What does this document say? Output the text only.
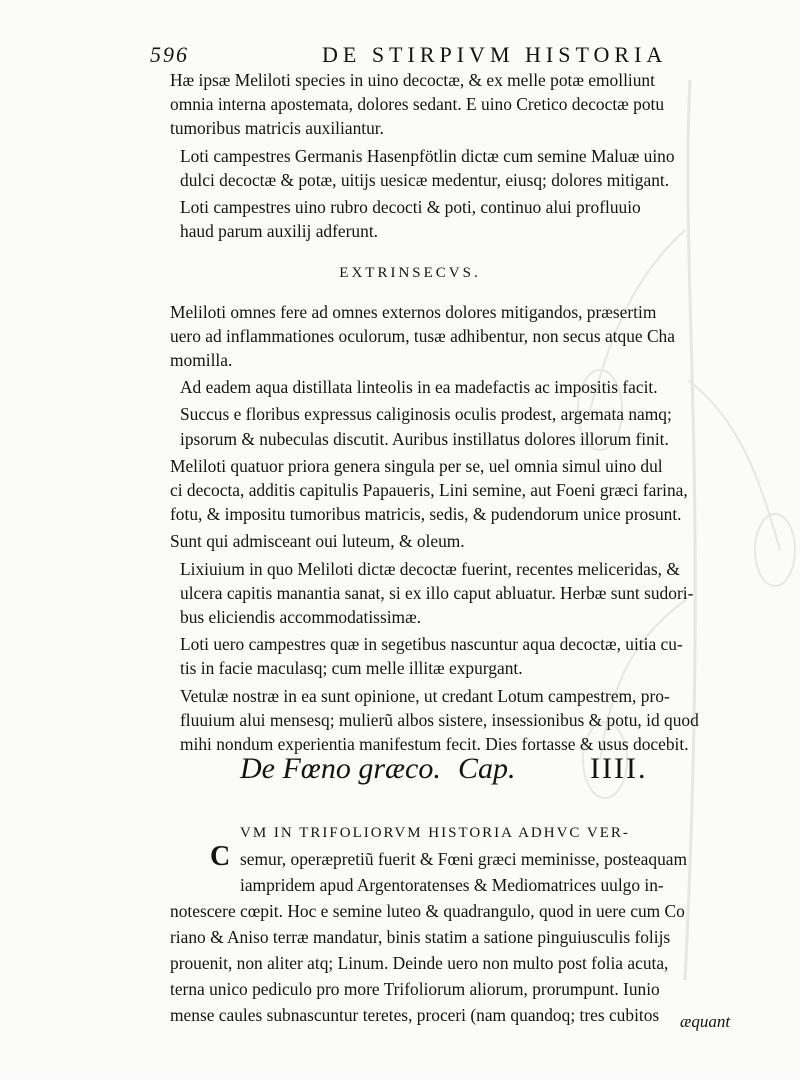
596	DE STIRPIVM HISTORIA

Hæ ipsæ Meliloti species in uino decoctæ, & ex melle potæ emolliunt
omnia interna apostemata, dolores sedant. E uino Cretico decoctæ potu
tumoribus matricis auxiliantur.

Loti campestres Germanis Hasenpfötlin dictæ cum semine Maluæ uino
dulci decoctæ & potæ, uitijs uesicæ medentur, eiusq; dolores mitigant.

Loti campestres uino rubro decocti & poti, continuo alui profluuio
haud parum auxilij adferunt.

EXTRINSECVS.

Meliloti omnes fere ad omnes externos dolores mitigandos, præsertim
uero ad inflammationes oculorum, tusæ adhibentur, non secus atque Cha
momilla.

Ad eadem aqua distillata linteolis in ea madefactis ac impositis facit.

Succus e floribus expressus caliginosis oculis prodest, argemata namq;
ipsorum & nubeculas discutit. Auribus instillatus dolores illorum finit.

Meliloti quatuor priora genera singula per se, uel omnia simul uino dul
ci decocta, additis capitulis Papaueris, Lini semine, aut Foeni græci farina,
fotu, & impositu tumoribus matricis, sedis, & pudendorum unice prosunt.

Sunt qui admisceant oui luteum, & oleum.

Lixiuium in quo Meliloti dictæ decoctæ fuerint, recentes meliceridas, &
ulcera capitis manantia sanat, si ex illo caput abluatur. Herbæ sunt sudori-
bus eliciendis accommodatissimæ.

Loti uero campestres quæ in segetibus nascuntur aqua decoctæ, uitia cu-
tis in facie maculasq; cum melle illitæ expurgant.

Vetulæ nostræ in ea sunt opinione, ut credant Lotum campestrem, pro-
fluuium alui mensesq; mulierũ albos sistere, insessionibus & potu, id quod
mihi nondum experientia manifestum fecit. Dies fortasse & usus docebit.

De Fœno græco. Cap. IIII.
C
VM IN TRIFOLIORVM HISTORIA ADHVC VER-
semur, operæpretiũ fuerit & Fœni græci meminisse, posteaquam
iampridem apud Argentoratenses & Mediomatrices uulgo in-
notescere cœpit. Hoc e semine luteo & quadrangulo, quod in uere cum Co
riano & Aniso terræ mandatur, binis statim a satione pinguiusculis folijs
prouenit, non aliter atq; Linum. Deinde uero non multo post folia acuta,
terna unico pediculo pro more Trifoliorum aliorum, prorumpunt. Iunio
mense caules subnascuntur teretes, proceri (nam quandoq; tres cubitos	æquant
